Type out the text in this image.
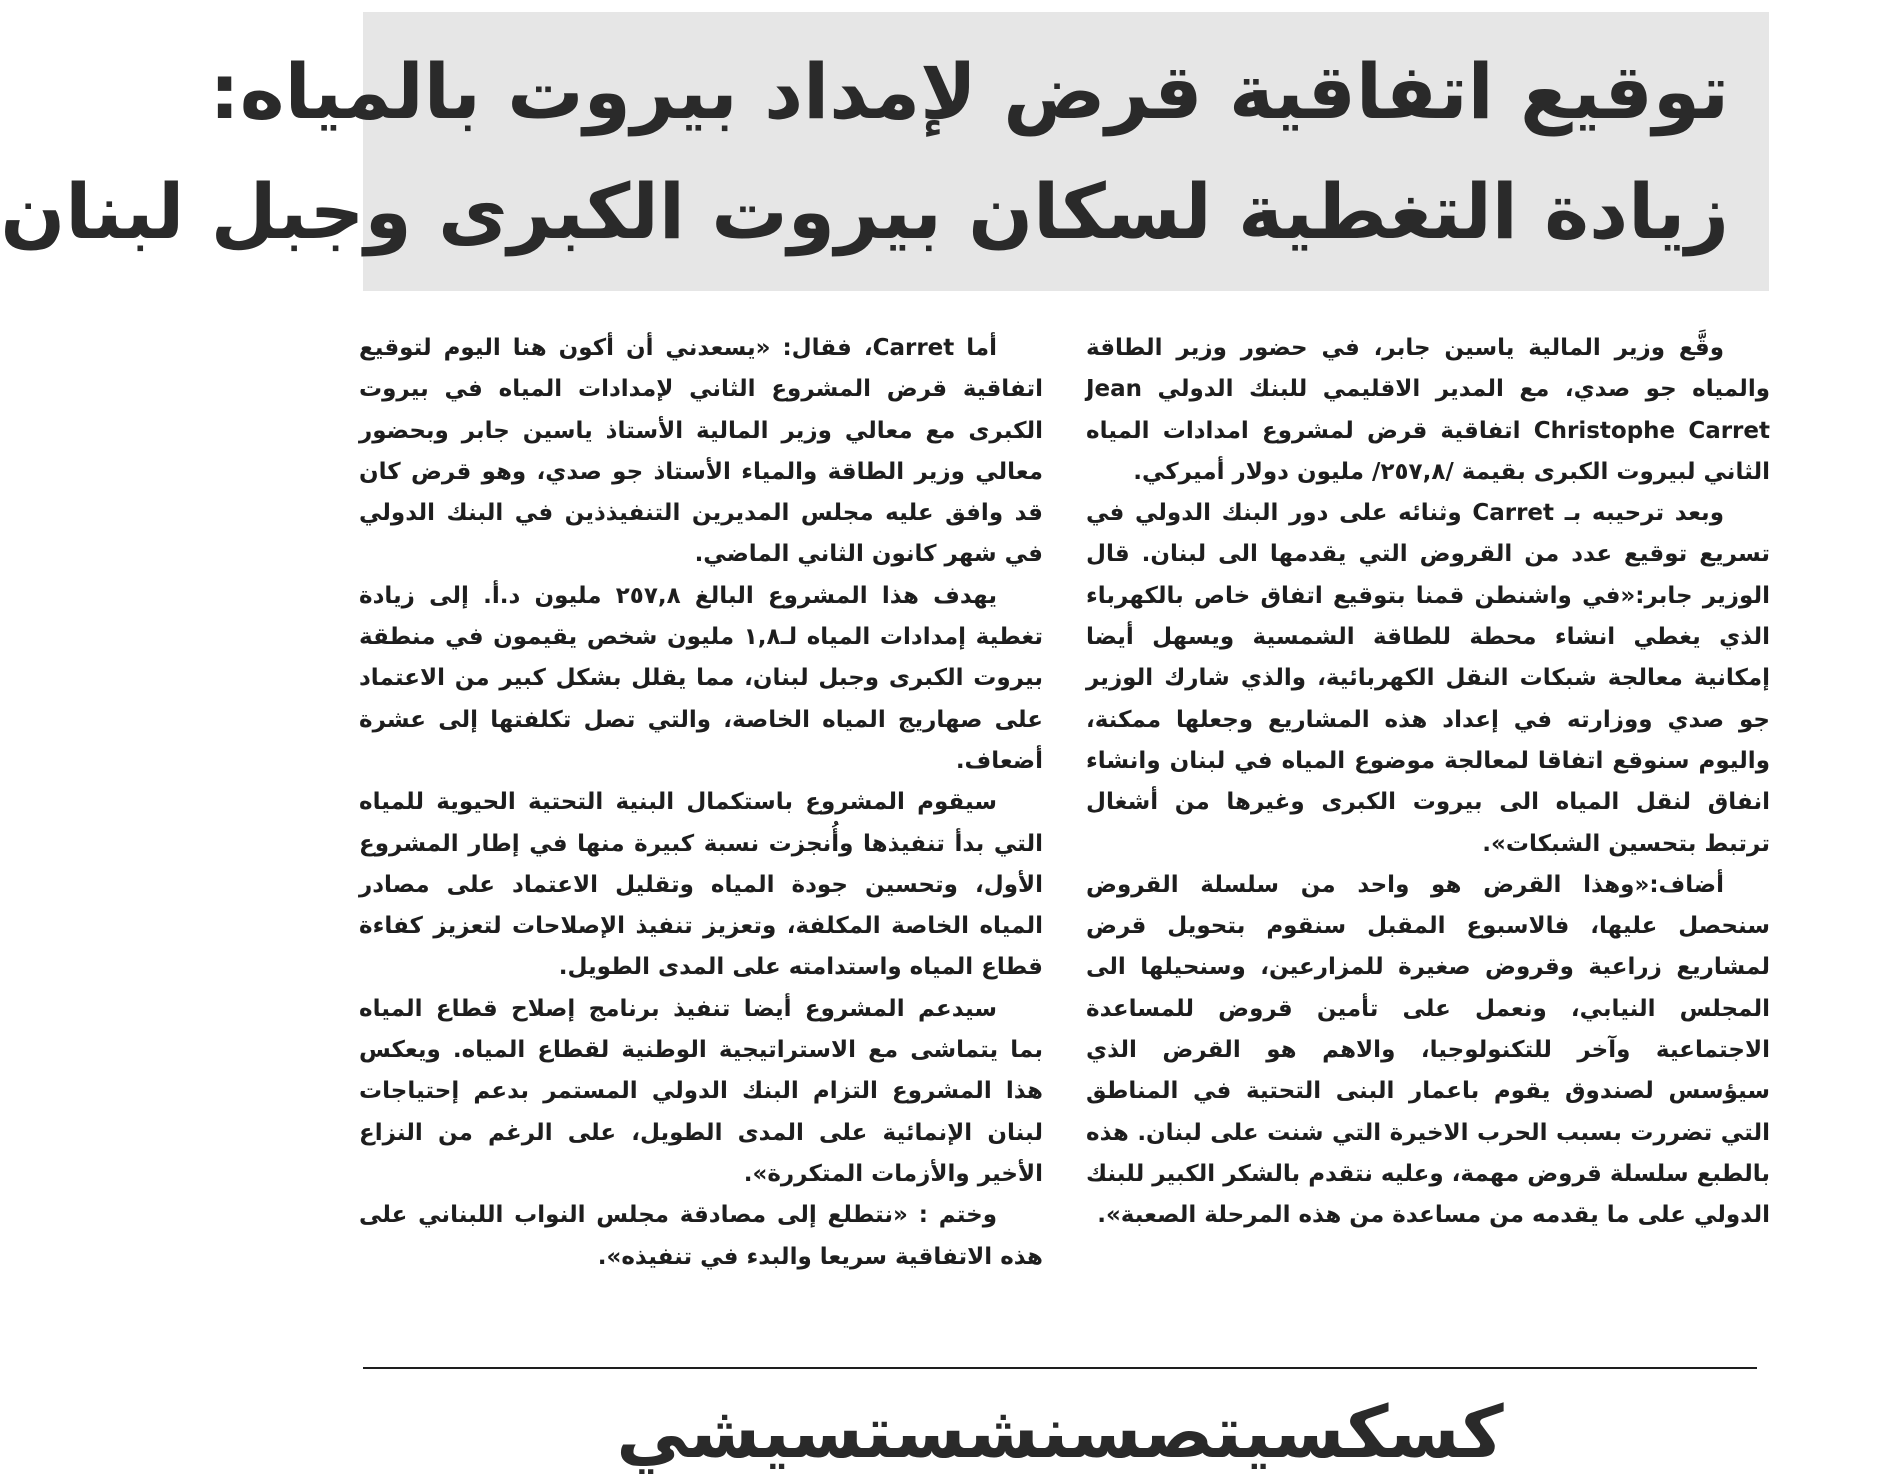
توقيع اتفاقية قرض لإمداد بيروت بالمياه:
زيادة التغطية لسكان بيروت الكبرى وجبل لبنان

وقَّع وزير المالية ياسين جابر، في حضور وزير الطاقة والمياه جو صدي، مع المدير الاقليمي للبنك الدولي Jean Christophe Carret اتفاقية قرض لمشروع امدادات المياه الثاني لبيروت الكبرى بقيمة /٢٥٧,٨/ مليون دولار أميركي.

وبعد ترحيبه بـ Carret وثنائه على دور البنك الدولي في تسريع توقيع عدد من القروض التي يقدمها الى لبنان. قال الوزير جابر:«في واشنطن قمنا بتوقيع اتفاق خاص بالكهرباء الذي يغطي انشاء محطة للطاقة الشمسية ويسهل أيضا إمكانية معالجة شبكات النقل الكهربائية، والذي شارك الوزير جو صدي ووزارته في إعداد هذه المشاريع وجعلها ممكنة، واليوم سنوقع اتفاقا لمعالجة موضوع المياه في لبنان وانشاء انفاق لنقل المياه الى بيروت الكبرى وغيرها من أشغال ترتبط بتحسين الشبكات».

أضاف:«وهذا القرض هو واحد من سلسلة القروض سنحصل عليها، فالاسبوع المقبل سنقوم بتحويل قرض لمشاريع زراعية وقروض صغيرة للمزارعين، وسنحيلها الى المجلس النيابي، ونعمل على تأمين قروض للمساعدة الاجتماعية وآخر للتكنولوجيا، والاهم هو القرض الذي سيؤسس لصندوق يقوم باعمار البنى التحتية في المناطق التي تضررت بسبب الحرب الاخيرة التي شنت على لبنان. هذه بالطبع سلسلة قروض مهمة، وعليه نتقدم بالشكر الكبير للبنك الدولي على ما يقدمه من مساعدة من هذه المرحلة الصعبة».

أما Carret، فقال: «يسعدني أن أكون هنا اليوم لتوقيع اتفاقية قرض المشروع الثاني لإمدادات المياه في بيروت الكبرى مع معالي وزير المالية الأستاذ ياسين جابر وبحضور معالي وزير الطاقة والمياء الأستاذ جو صدي، وهو قرض كان قد وافق عليه مجلس المديرين التنفيذذين في البنك الدولي في شهر كانون الثاني الماضي.

يهدف هذا المشروع البالغ ٢٥٧,٨ مليون د.أ. إلى زيادة تغطية إمدادات المياه لـ١,٨ مليون شخص يقيمون في منطقة بيروت الكبرى وجبل لبنان، مما يقلل بشكل كبير من الاعتماد على صهاريج المياه الخاصة، والتي تصل تكلفتها إلى عشرة أضعاف.

سيقوم المشروع باستكمال البنية التحتية الحيوية للمياه التي بدأ تنفيذها وأُنجزت نسبة كبيرة منها في إطار المشروع الأول، وتحسين جودة المياه وتقليل الاعتماد على مصادر المياه الخاصة المكلفة، وتعزيز تنفيذ الإصلاحات لتعزيز كفاءة قطاع المياه واستدامته على المدى الطويل.

سيدعم المشروع أيضا تنفيذ برنامج إصلاح قطاع المياه بما يتماشى مع الاستراتيجية الوطنية لقطاع المياه. ويعكس هذا المشروع التزام البنك الدولي المستمر بدعم إحتياجات لبنان الإنمائية على المدى الطويل، على الرغم من النزاع الأخير والأزمات المتكررة».

وختم : «نتطلع إلى مصادقة مجلس النواب اللبناني على هذه الاتفاقية سريعا والبدء في تنفيذه».

كسكسيتصسنشستسيشي
